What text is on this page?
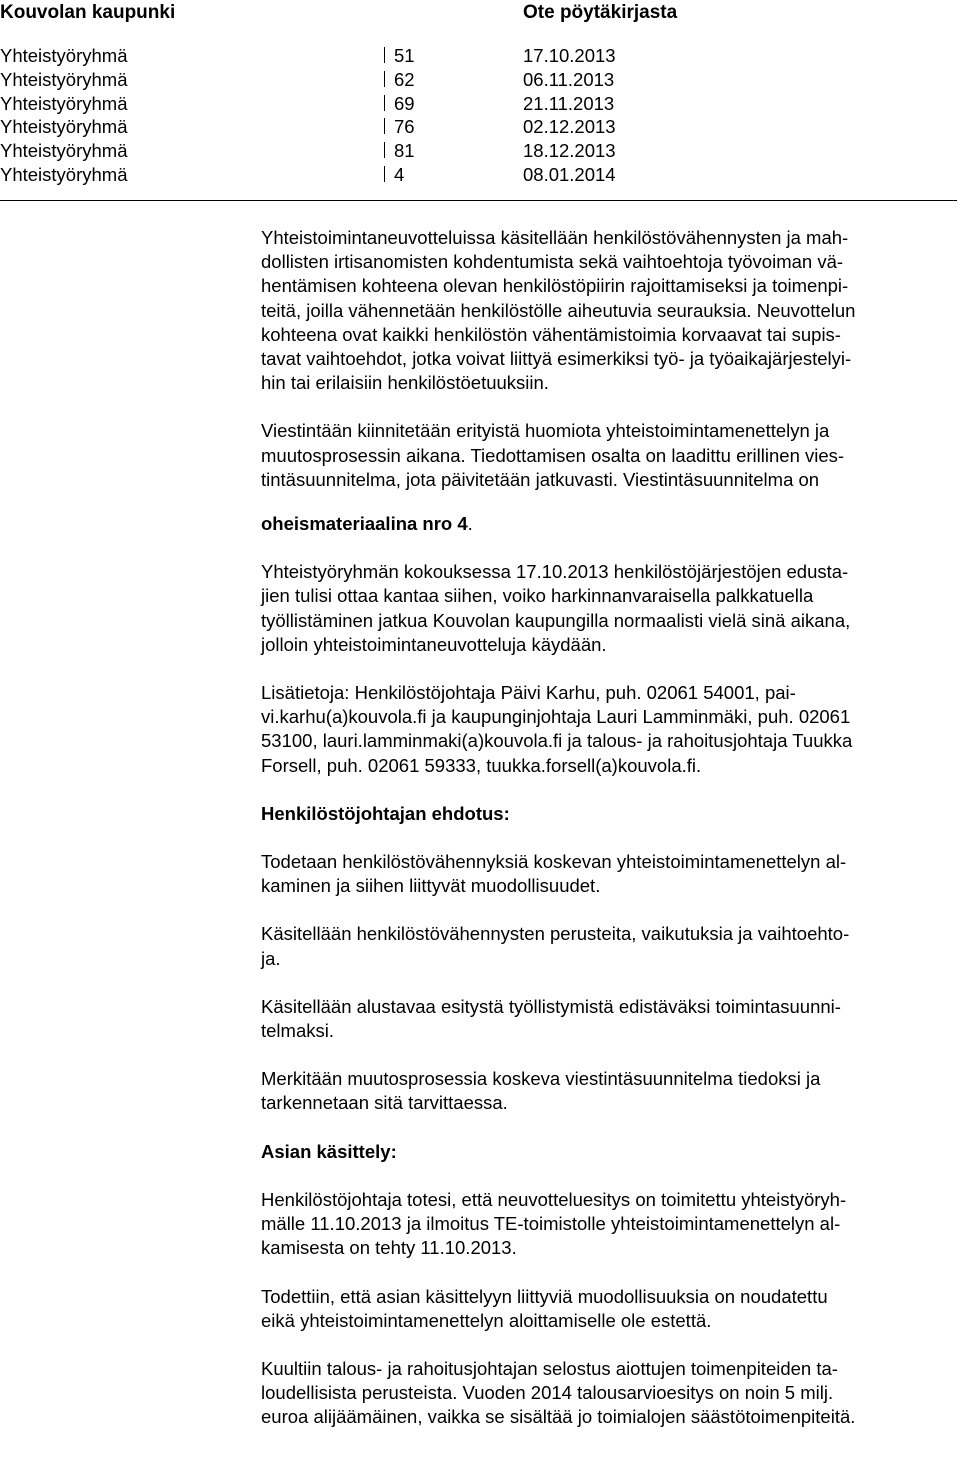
Kouvolan kaupunki	Ote pöytäkirjasta
Yhteistyöryhmä	51	17.10.2013
Yhteistyöryhmä	62	06.11.2013
Yhteistyöryhmä	69	21.11.2013
Yhteistyöryhmä	76	02.12.2013
Yhteistyöryhmä	81	18.12.2013
Yhteistyöryhmä	4	08.01.2014

Yhteistoimintaneuvotteluissa käsitellään henkilöstövähennysten ja mah-
dollisten irtisanomisten kohdentumista sekä vaihtoehtoja työvoiman vä-
hentämisen kohteena olevan henkilöstöpiirin rajoittamiseksi ja toimenpi-
teitä, joilla vähennetään henkilöstölle aiheutuvia seurauksia. Neuvottelun
kohteena ovat kaikki henkilöstön vähentämistoimia korvaavat tai supis-
tavat vaihtoehdot, jotka voivat liittyä esimerkiksi työ- ja työaikajärjestelyi-
hin tai erilaisiin henkilöstöetuuksiin.

Viestintään kiinnitetään erityistä huomiota yhteistoimintamenettelyn ja
muutosprosessin aikana. Tiedottamisen osalta on laadittu erillinen vies-
tintäsuunnitelma, jota päivitetään jatkuvasti. Viestintäsuunnitelma on

oheismateriaalina nro 4.

Yhteistyöryhmän kokouksessa 17.10.2013 henkilöstöjärjestöjen edusta-
jien tulisi ottaa kantaa siihen, voiko harkinnanvaraisella palkkatuella
työllistäminen jatkua Kouvolan kaupungilla normaalisti vielä sinä aikana,
jolloin yhteistoimintaneuvotteluja käydään.

Lisätietoja: Henkilöstöjohtaja Päivi Karhu, puh. 02061 54001, pai-
vi.karhu(a)kouvola.fi ja kaupunginjohtaja Lauri Lamminmäki, puh. 02061
53100, lauri.lamminmaki(a)kouvola.fi ja talous- ja rahoitusjohtaja Tuukka
Forsell, puh. 02061 59333, tuukka.forsell(a)kouvola.fi.

Henkilöstöjohtajan ehdotus:

Todetaan henkilöstövähennyksiä koskevan yhteistoimintamenettelyn al-
kaminen ja siihen liittyvät muodollisuudet.

Käsitellään henkilöstövähennysten perusteita, vaikutuksia ja vaihtoehto-
ja.

Käsitellään alustavaa esitystä työllistymistä edistäväksi toimintasuunni-
telmaksi.

Merkitään muutosprosessia koskeva viestintäsuunnitelma tiedoksi ja
tarkennetaan sitä tarvittaessa.

Asian käsittely:

Henkilöstöjohtaja totesi, että neuvotteluesitys on toimitettu yhteistyöryh-
mälle 11.10.2013 ja ilmoitus TE-toimistolle yhteistoimintamenettelyn al-
kamisesta on tehty 11.10.2013.

Todettiin, että asian käsittelyyn liittyviä muodollisuuksia on noudatettu
eikä yhteistoimintamenettelyn aloittamiselle ole estettä.

Kuultiin talous- ja rahoitusjohtajan selostus aiottujen toimenpiteiden ta-
loudellisista perusteista. Vuoden 2014 talousarvioesitys on noin 5 milj.
euroa alijäämäinen, vaikka se sisältää jo toimialojen säästötoimenpiteitä.
